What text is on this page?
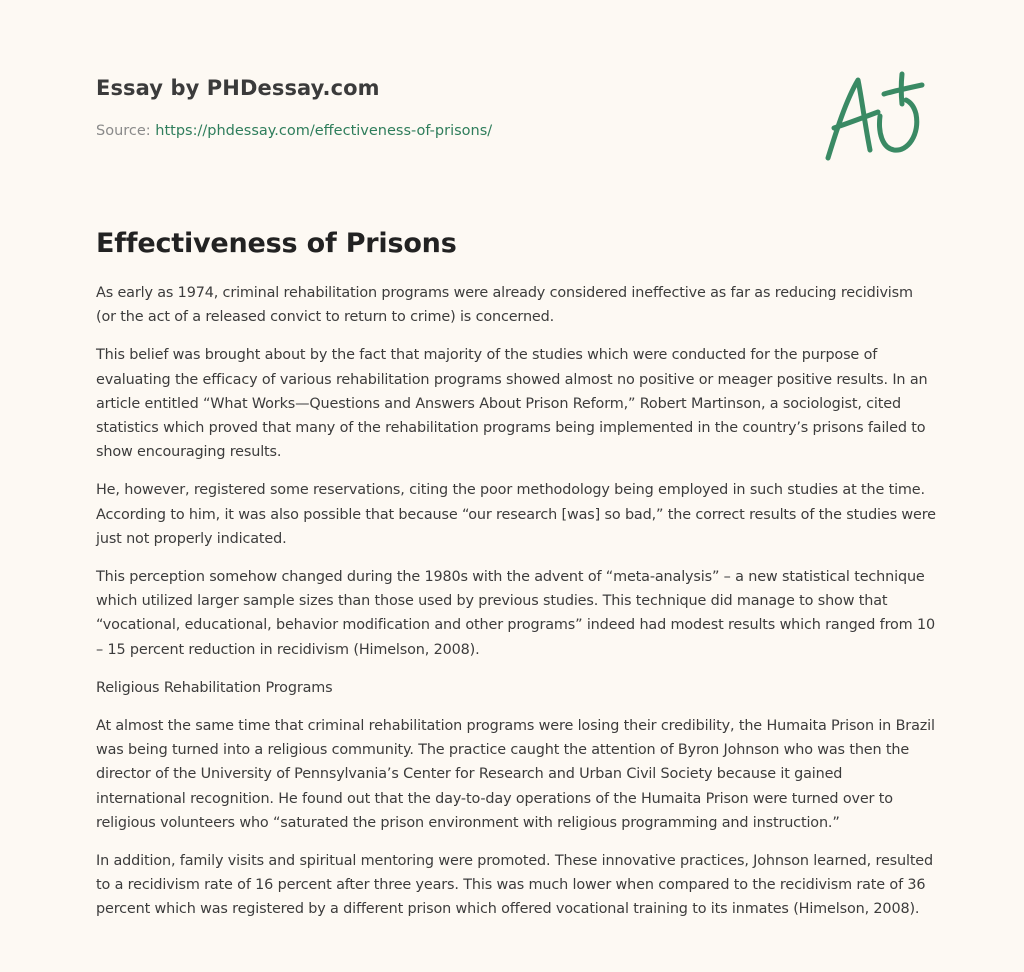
Essay by PHDessay.com
Source: https://phdessay.com/effectiveness-of-prisons/
Effectiveness of Prisons

As early as 1974, criminal rehabilitation programs were already considered ineffective as far as reducing recidivism (or the act of a released convict to return to crime) is concerned.

This belief was brought about by the fact that majority of the studies which were conducted for the purpose of evaluating the efficacy of various rehabilitation programs showed almost no positive or meager positive results. In an article entitled “What Works—Questions and Answers About Prison Reform,” Robert Martinson, a sociologist, cited statistics which proved that many of the rehabilitation programs being implemented in the country’s prisons failed to show encouraging results.

He, however, registered some reservations, citing the poor methodology being employed in such studies at the time. According to him, it was also possible that because “our research [was] so bad,” the correct results of the studies were just not properly indicated.

This perception somehow changed during the 1980s with the advent of “meta-analysis” – a new statistical technique which utilized larger sample sizes than those used by previous studies. This technique did manage to show that “vocational, educational, behavior modification and other programs” indeed had modest results which ranged from 10 – 15 percent reduction in recidivism (Himelson, 2008).

Religious Rehabilitation Programs

At almost the same time that criminal rehabilitation programs were losing their credibility, the Humaita Prison in Brazil was being turned into a religious community. The practice caught the attention of Byron Johnson who was then the director of the University of Pennsylvania’s Center for Research and Urban Civil Society because it gained international recognition. He found out that the day-to-day operations of the Humaita Prison were turned over to religious volunteers who “saturated the prison environment with religious programming and instruction.”

In addition, family visits and spiritual mentoring were promoted. These innovative practices, Johnson learned, resulted to a recidivism rate of 16 percent after three years. This was much lower when compared to the recidivism rate of 36 percent which was registered by a different prison which offered vocational training to its inmates (Himelson, 2008).
